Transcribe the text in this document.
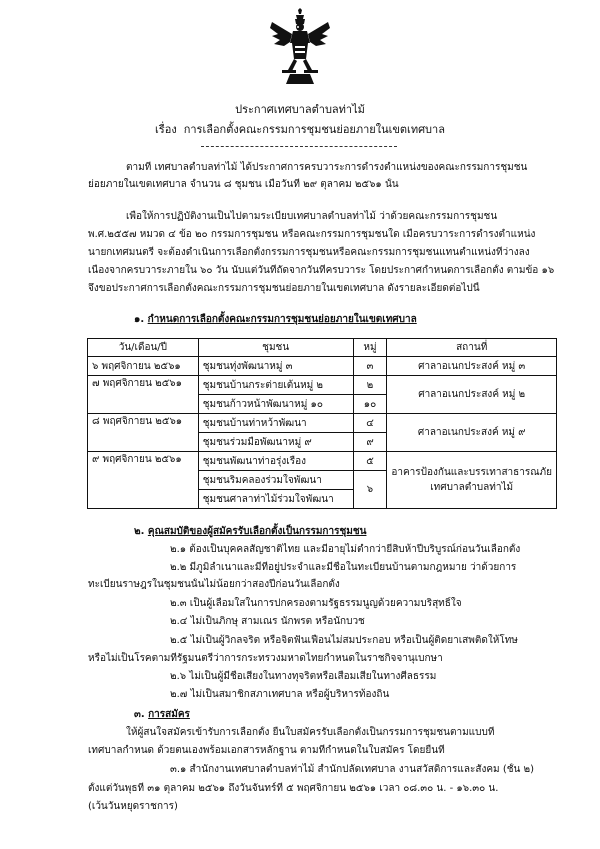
ประกาศเทศบาลตำบลท่าไม้
เรื่อง การเลือกตั้งคณะกรรมการชุมชนย่อยภายในเขตเทศบาล
ตามที่ เทศบาลตำบลท่าไม้ ได้ประกาศการครบวาระการดำรงตำแหน่งของคณะกรรมการชุมชน
ย่อยภายในเขตเทศบาล จำนวน ๘ ชุมชน เมื่อวันที่ ๒๙ ตุลาคม ๒๕๖๑ นั้น
เพื่อให้การปฏิบัติงานเป็นไปตามระเบียบเทศบาลตำบลท่าไม้ ว่าด้วยคณะกรรมการชุมชน
พ.ศ.๒๕๕๗ หมวด ๔ ข้อ ๒๐ กรรมการชุมชน หรือคณะกรรมการชุมชนใด เมื่อครบวาระการดำรงตำแหน่ง
นายกเทศมนตรี จะต้องดำเนินการเลือกตั้งกรรมการชุมชนหรือคณะกรรมการชุมชนแทนตำแหน่งที่ว่างลง
เนื่องจากครบวาระภายใน ๖๐ วัน นับแต่วันที่ถัดจากวันที่ครบวาระ โดยประกาศกำหนดการเลือกตั้ง ตามข้อ ๑๖
จึงขอประกาศการเลือกตั้งคณะกรรมการชุมชนย่อยภายในเขตเทศบาล ดังรายละเอียดต่อไปนี้
๑. กำหนดการเลือกตั้งคณะกรรมการชุมชนย่อยภายในเขตเทศบาล
วัน/เดือน/ปี	ชุมชน	หมู่	สถานที่
๖ พฤศจิกายน ๒๕๖๑	ชุมชนทุ่งพัฒนาหมู่ ๓	๓	ศาลาอเนกประสงค์ หมู่ ๓
๗ พฤศจิกายน ๒๕๖๑	ชุมชนบ้านกระต่ายเต้นหมู่ ๒	๒	ศาลาอเนกประสงค์ หมู่ ๒
	ชุมชนก้าวหน้าพัฒนาหมู่ ๑๐	๑๐	
๘ พฤศจิกายน ๒๕๖๑	ชุมชนบ้านท่าหว้าพัฒนา	๔	ศาลาอเนกประสงค์ หมู่ ๙
	ชุมชนร่วมมือพัฒนาหมู่ ๙	๙	
๙ พฤศจิกายน ๒๕๖๑	ชุมชนพัฒนาท่าอรุ่งเรือง	๕	อาคารป้องกันและบรรเทาสาธารณภัย
เทศบาลตำบลท่าไม้

	ชุมชนริมคลองร่วมใจพัฒนา	๖	
	ชุมชนศาลาท่าไม้ร่วมใจพัฒนา		
๒. คุณสมบัติของผู้สมัครรับเลือกตั้งเป็นกรรมการชุมชน
๒.๑ ต้องเป็นบุคคลสัญชาติไทย และมีอายุไม่ต่ำกว่ายี่สิบห้าปีบริบูรณ์ก่อนวันเลือกตั้ง
๒.๒ มีภูมิลำเนาและมีที่อยู่ประจำและมีชื่อในทะเบียนบ้านตามกฎหมาย ว่าด้วยการ
ทะเบียนราษฎรในชุมชนนั้นไม่น้อยกว่าสองปีก่อนวันเลือกตั้ง
๒.๓ เป็นผู้เลื่อมใสในการปกครองตามรัฐธรรมนูญด้วยความบริสุทธิ์ใจ
๒.๔ ไม่เป็นภิกษุ สามเณร นักพรต หรือนักบวช
๒.๕ ไม่เป็นผู้วิกลจริต หรือจิตฟั่นเฟือนไม่สมประกอบ หรือเป็นผู้ติดยาเสพติดให้โทษ
หรือไม่เป็นโรคตามที่รัฐมนตรีว่าการกระทรวงมหาดไทยกำหนดในราชกิจจานุเบกษา
๒.๖ ไม่เป็นผู้มีชื่อเสียงในทางทุจริตหรือเสื่อมเสียในทางศีลธรรม
๒.๗ ไม่เป็นสมาชิกสภาเทศบาล หรือผู้บริหารท้องถิ่น
๓. การสมัคร
ให้ผู้สนใจสมัครเข้ารับการเลือกตั้ง ยื่นใบสมัครรับเลือกตั้งเป็นกรรมการชุมชนตามแบบที่
เทศบาลกำหนด ด้วยตนเองพร้อมเอกสารหลักฐาน ตามที่กำหนดในใบสมัคร โดยยื่นที่
๓.๑ สำนักงานเทศบาลตำบลท่าไม้ สำนักปลัดเทศบาล งานสวัสดิการและสังคม (ชั้น ๒)
ตั้งแต่วันพุธที่ ๓๑ ตุลาคม ๒๕๖๑ ถึงวันจันทร์ที่ ๕ พฤศจิกายน ๒๕๖๑ เวลา ๐๘.๓๐ น. - ๑๖.๓๐ น.
(เว้นวันหยุดราชการ)
